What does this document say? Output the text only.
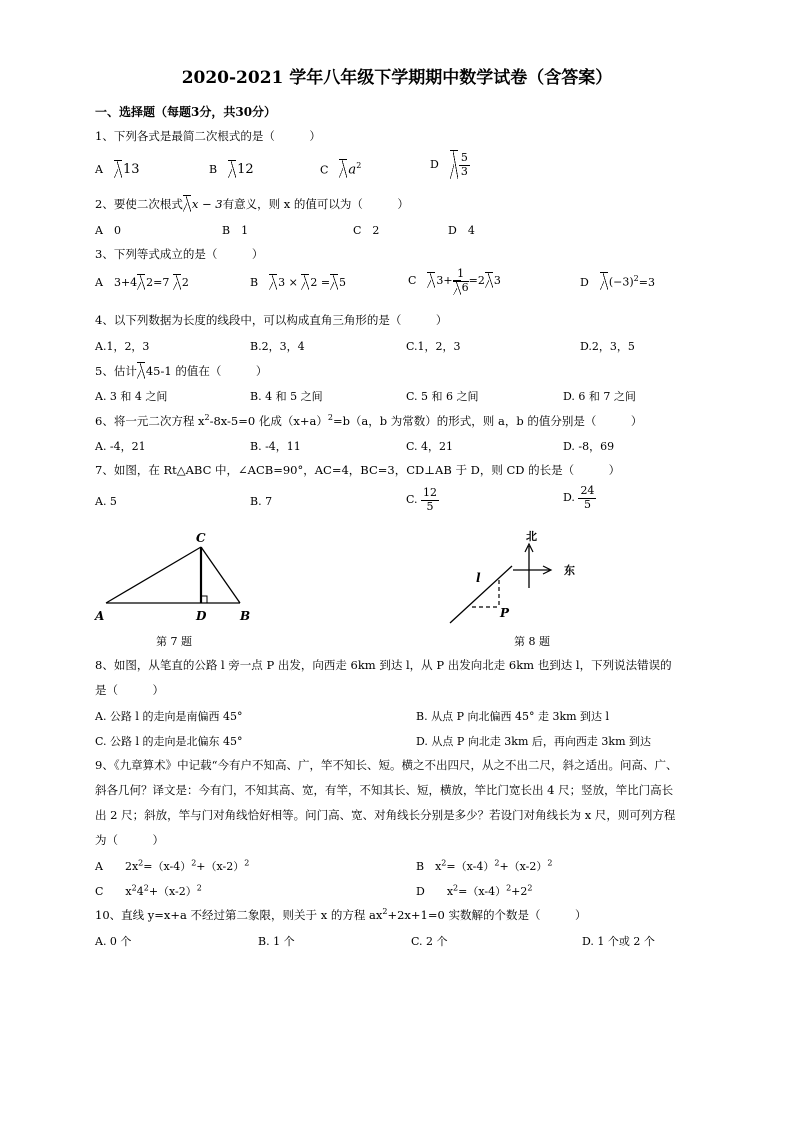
2020-2021 学年八年级下学期期中数学试卷（含答案）
一、选择题（每题3分，共30分）
1、下列各式是最简二次根式的是（　　　）
A　 13	B　 12	C　 $a^2$	D　 $\frac{5}{3}$
2、要使二次根式 x − 3有意义，则 x 的值可以为（　　　）
A　0	B　1	C　2	D　4
3、下列等式成立的是（　　　）
A　3+4 2=7 2	B　 3 × 2 = 5	C　 $3+ \frac{1}{6} =2$ 3	D　 $(-3)^2=3$
4、以下列数据为长度的线段中，可以构成直角三角形的是（　　　）
A.1，2，3	B.2，3，4	C.1，2，3	D.2，3，5
5、估计 45-1 的值在（　　　）
A. 3 和 4 之间	B. 4 和 5 之间	C. 5 和 6 之间	D. 6 和 7 之间
6、将一元二次方程 $x^2-8x-5=0$ 化成$(x+a)^2=b(a$，b 为常数）的形式，则 a，b 的值分别是（　　　）
A. -4，21	B. -4，11	C. 4，21	D. -8，69
7、如图，在 Rt△ABC 中，∠ACB=90°，AC=4，BC=3，CD⊥AB 于 D，则 CD 的长是（　　　）
A. 5	B. 7	C. $\frac{12}{5}$	D. $\frac{24}{5}$
A	D	B
C
第 7 题
北
东
l
P
第 8 题
8、如图，从笔直的公路 l 旁一点 P 出发，向西走 6km 到达 l，从 P 出发向北走 6km 也到达 l，下列说法错误的
是（　　　）
A. 公路 l 的走向是南偏西 45°	B. 从点 P 向北偏西 45° 走 3km 到达 l
C. 公路 l 的走向是北偏东 45°	D. 从点 P 向北走 3km 后，再向西走 3km 到达
9、《九章算术》中记载“今有户不知高、广，竿不知长、短。横之不出四尺，从之不出二尺，斜之适出。问高、广、
斜各几何？译文是：今有门，不知其高、宽，有竿，不知其长、短，横放，竿比门宽长出 4 尺；竖放，竿比门高长
出 2 尺；斜放，竿与门对角线恰好相等。问门高、宽、对角线长分别是多少？若设门对角线长为 x 尺，则可列方程
为（　　　）
A　　$2x^2=(x-4)^2+(x-2)^2$	B　$x^2=(x-4)^2+(x-2)^2$
C　　$x^24^2+(x-2)^2$	D　　$x^2=(x-4)^2+2^2$
10、直线 y=x+a 不经过第二象限，则关于 x 的方程 $ax^2+2x+1=0$ 实数解的个数是（　　　）
A. 0 个	B. 1 个	C. 2 个	D. 1 个或 2 个
